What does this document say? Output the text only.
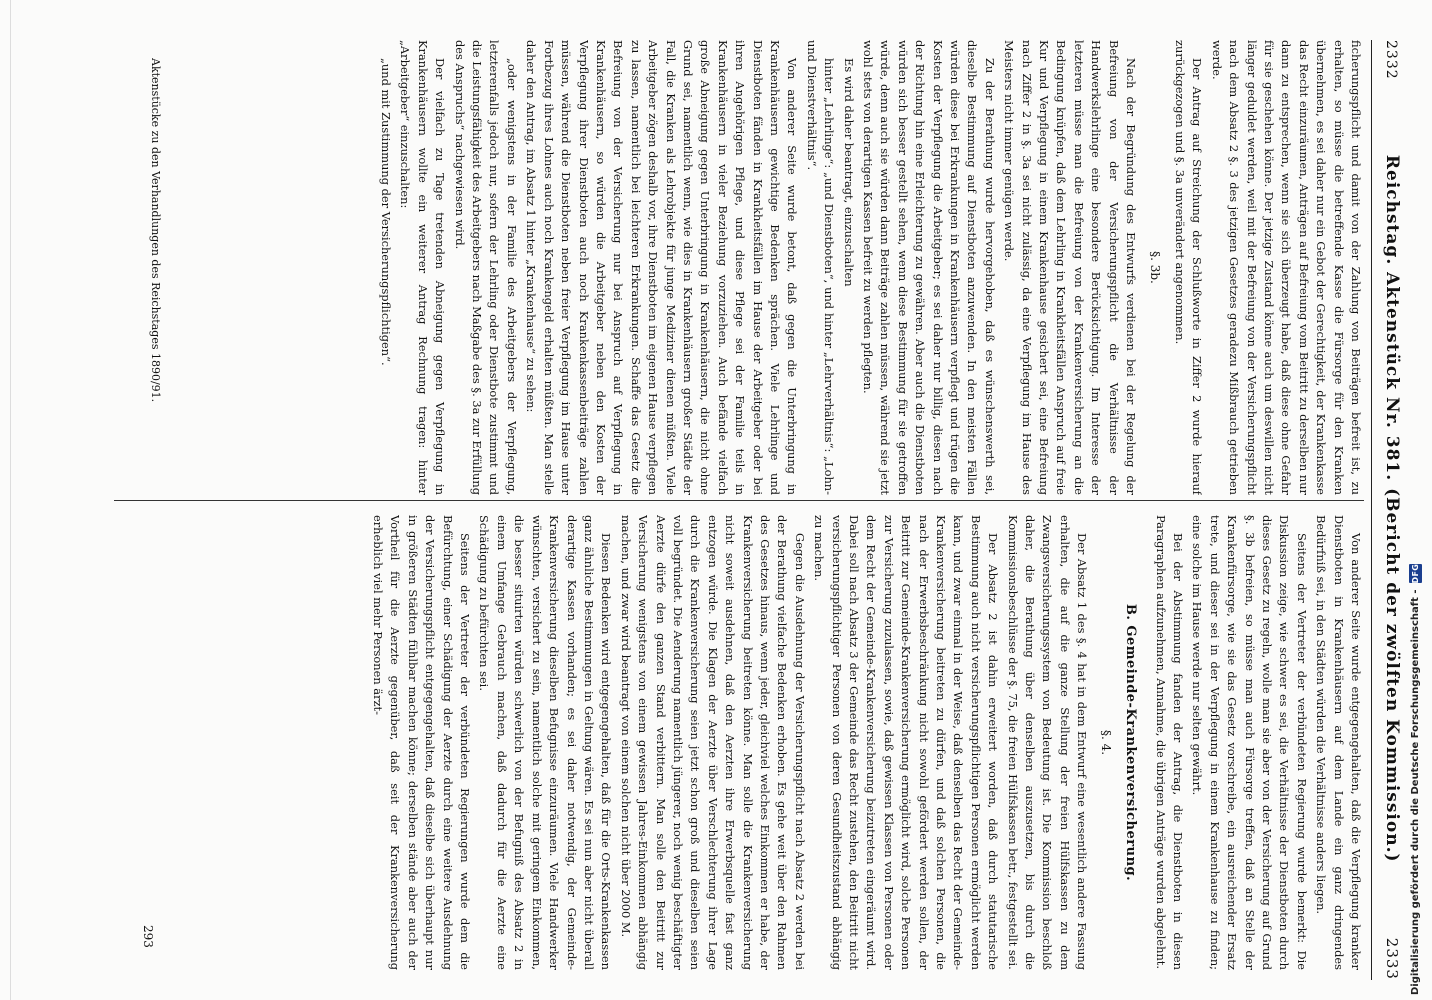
2332
Reichstag. Aktenstück Nr. 381. (Bericht der zwölften Kommission.)
2333

ficherungspflicht und damit von der Zahlung von Beiträgen befreit ist, zu erhalten, so müsse die betreffende Kasse die Fürsorge für den Kranken übernehmen, es sei daher nur ein Gebot der Gerechtigkeit, der Krankenkasse das Recht einzuräumen, Anträgen auf Befreiung vom Beitritt zu derselben nur dann zu entsprechen, wenn sie sich überzeugt habe, daß diese ohne Gefahr für sie geschehen könne. Der jetzige Zustand könne auch um deswillen nicht länger geduldet werden, weil mit der Befreiung von der Versicherungspflicht nach dem Absatz 2 §. 3 des jetzigen Gesetzes geradezu Mißbrauch getrieben werde.

Der Antrag auf Streichung der Schlußworte in Ziffer 2 wurde hierauf zurückgezogen und §. 3a unverändert angenommen.

§. 3b.

Nach der Begründung des Entwurfs verdienen bei der Regelung der Befreiung von der Versicherungspflicht die Verhältnisse der Handwerkslehrlinge eine besondere Berücksichtigung. Im Interesse der letzteren müsse man die Befreiung von der Krankenversicherung an die Bedingung knüpfen, daß dem Lehrling in Krankheitsfällen Anspruch auf freie Kur und Verpflegung in einem Krankenhause gesichert sei, eine Befreiung nach Ziffer 2 in §. 3a sei nicht zulässig, da eine Verpflegung im Hause des Meisters nicht immer genügen werde.

Zu der Berathung wurde hervorgehoben, daß es wünschenswerth sei, dieselbe Bestimmung auf Dienstboten anzuwenden. In den meisten Fällen würden diese bei Erkrankungen in Krankenhäusern verpflegt und trügen die Kosten der Verpflegung die Arbeitgeber; es sei daher nur billig, diesen nach der Richtung hin eine Erleichterung zu gewähren. Aber auch die Dienstboten würden sich besser gestellt sehen, wenn diese Bestimmung für sie getroffen würde, denn auch sie würden dann Beiträge zahlen müssen, während sie jetzt wohl stets von derartigen Kassen befreit zu werden pflegten.

Es wird daher beantragt, einzuschalten

hinter „Lehrlinge“: „und Dienstboten“, und hinter „Lehrverhältnis“: „Lohn- und Dienstverhältnis“.

Von anderer Seite wurde betont, daß gegen die Unterbringung in Krankenhäusern gewichtige Bedenken sprächen. Viele Lehrlinge und Dienstboten fänden in Krankheitsfällen im Hause der Arbeitgeber oder bei ihren Angehörigen Pflege, und diese Pflege sei der Familie teils in Krankenhäusern in vieler Beziehung vorzuziehen. Auch befände vielfach große Abneigung gegen Unterbringung in Krankenhäusern, die nicht ohne Grund sei, namentlich wenn, wie dies in Krankenhäusern großer Städte der Fall, die Kranken als Lehrobjekte für junge Mediziner dienen müßten. Viele Arbeitgeber zögen deshalb vor, ihre Dienstboten im eigenen Hause verpflegen zu lassen, namentlich bei leichteren Erkrankungen. Schaffe das Gesetz die Befreiung von der Versicherung nur bei Anspruch auf Verpflegung in Krankenhäusern, so würden die Arbeitgeber neben den Kosten der Verpflegung ihrer Dienstboten auch noch Krankenkassenbeiträge zahlen müssen, während die Dienstboten neben freier Verpflegung im Hause unter Fortbezug ihres Lohnes auch noch Krankengeld erhalten müßten. Man stelle daher den Antrag, im Absatz 1 hinter „Krankenhause“ zu sehen:

„oder wenigstens in der Familie des Arbeitgebers der Verpflegung, letzterenfalls jedoch nur, sofern der Lehrling oder Dienstbote zustimmt und die Leistungsfähigkeit des Arbeitgebers nach Maßgabe des §. 3a zur Erfüllung des Anspruchs“ nachgewiesen wird.

Der vielfach zu Tage tretenden Abneigung gegen Verpflegung in Krankenhäusern wollte ein weiterer Antrag Rechnung tragen: hinter „Arbeitgeber“ einzuschalten:

„und mit Zustimmung der Versicherungspflichtigen“.

Von anderer Seite wurde entgegengehalten, daß die Verpflegung kranker Dienstboten in Krankenhäusern auf dem Lande ein ganz dringendes Bedürfniß sei, in den Städten würden die Verhältnisse anders liegen.

Seitens der Vertreter der verbündeten Regierung wurde bemerkt: Die Diskussion zeige, wie schwer es sei, die Verhältnisse der Dienstboten durch dieses Gesetz zu regeln, wolle man sie aber von der Versicherung auf Grund §. 3b befreien, so müsse man auch Fürsorge treffen, daß an Stelle der Krankenfürsorge, wie sie das Gesetz vorschreibe, ein ausreichender Ersatz trete, und dieser sei in der Verpflegung in einem Krankenhause zu finden; eine solche im Hause werde nur selten gewährt.

Bei der Abstimmung fanden der Antrag, die Dienstboten in diesen Paragraphen aufzunehmen, Annahme, die übrigen Anträge wurden abgelehnt.

B. Gemeinde-Krankenversicherung.
§. 4.

Der Absatz 1 des §. 4 hat in dem Entwurf eine wesentlich andere Fassung erhalten, die auf die ganze Stellung der freien Hülfskassen zu dem Zwangsversicherungssystem von Bedeutung ist. Die Kommission beschloß daher, die Berathung über denselben auszusetzen, bis durch die Kommissionsbeschlüsse der §. 75, die freien Hülfskassen betr., festgestellt sei.

Der Absatz 2 ist dahin erweitert worden, daß durch statutarische Bestimmung auch nicht versicherungspflichtigen Personen ermöglicht werden kann, und zwar einmal in der Weise, daß denselben das Recht der Gemeinde-Krankenversicherung beitreten zu dürfen, und daß solchen Personen, die nach der Erwerbsbeschränkung nicht sowohl gefördert werden sollen, der Beitritt zur Gemeinde-Krankenversicherung ermöglicht wird, solche Personen zur Versicherung zuzulassen, sowie, daß gewissen Klassen von Personen oder dem Recht der Gemeinde-Krankenversicherung beizutreten eingeräumt wird. Dabei soll nach Absatz 3 der Gemeinde das Recht zustehen, den Beitritt nicht versicherungspflichtiger Personen von deren Gesundheitszustand abhängig zu machen.

Gegen die Ausdehnung der Versicherungspflicht nach Absatz 2 werden bei der Berathung vielfache Bedenken erhoben. Es gehe weit über den Rahmen des Gesetzes hinaus, wenn jeder, gleichviel welches Einkommen er habe, der Krankenversicherung beitreten könne. Man solle die Krankenversicherung nicht soweit ausdehnen, daß den Aerzten ihre Erwerbsquelle fast ganz entzogen würde. Die Klagen der Aerzte über Verschlechterung ihrer Lage durch die Krankenversicherung seien jetzt schon groß und dieselben seien voll begründet. Die Aenderung namentlich jüngerer, noch wenig beschäftigter Aerzte dürfe den ganzen Stand verbittern. Man solle den Beitritt zur Versicherung wenigstens von einem gewissen Jahres-Einkommen abhängig machen, und zwar wird beantragt von einem solchen nicht über 2000 M.

Diesen Bedenken wird entgegengehalten, daß für die Orts-Krankenkassen ganz ähnliche Bestimmungen in Geltung wären. Es sei nun aber nicht überall derartige Kassen vorhanden; es sei daher notwendig, der Gemeinde-Krankenversicherung dieselben Befugnisse einzuräumen. Viele Handwerker wünschten, versichert zu sein, namentlich solche mit geringem Einkommen, die besser situirten würden schwerlich von der Befugniß des Absatz 2 in einem Umfange Gebrauch machen, daß dadurch für die Aerzte eine Schädigung zu befürchten sei.

Seitens der Vertreter der verbündeten Regierungen wurde dem die Befürchtung, einer Schädigung der Aerzte durch eine weitere Ausdehnung der Versicherungspflicht entgegengehalten, daß dieselbe sich überhaupt nur in größeren Städten fühlbar machen könne; derselben stände aber auch der Vortheil für die Aerzte gegenüber, daß seit der Krankenversicherung erheblich viel mehr Personen ärzt-

Aktenstücke zu den Verhandlungen des Reichstages 1890/91.
293	Digitalisierung gefördert durch die Deutsche Forschungsgemeinschaft -
DFG
